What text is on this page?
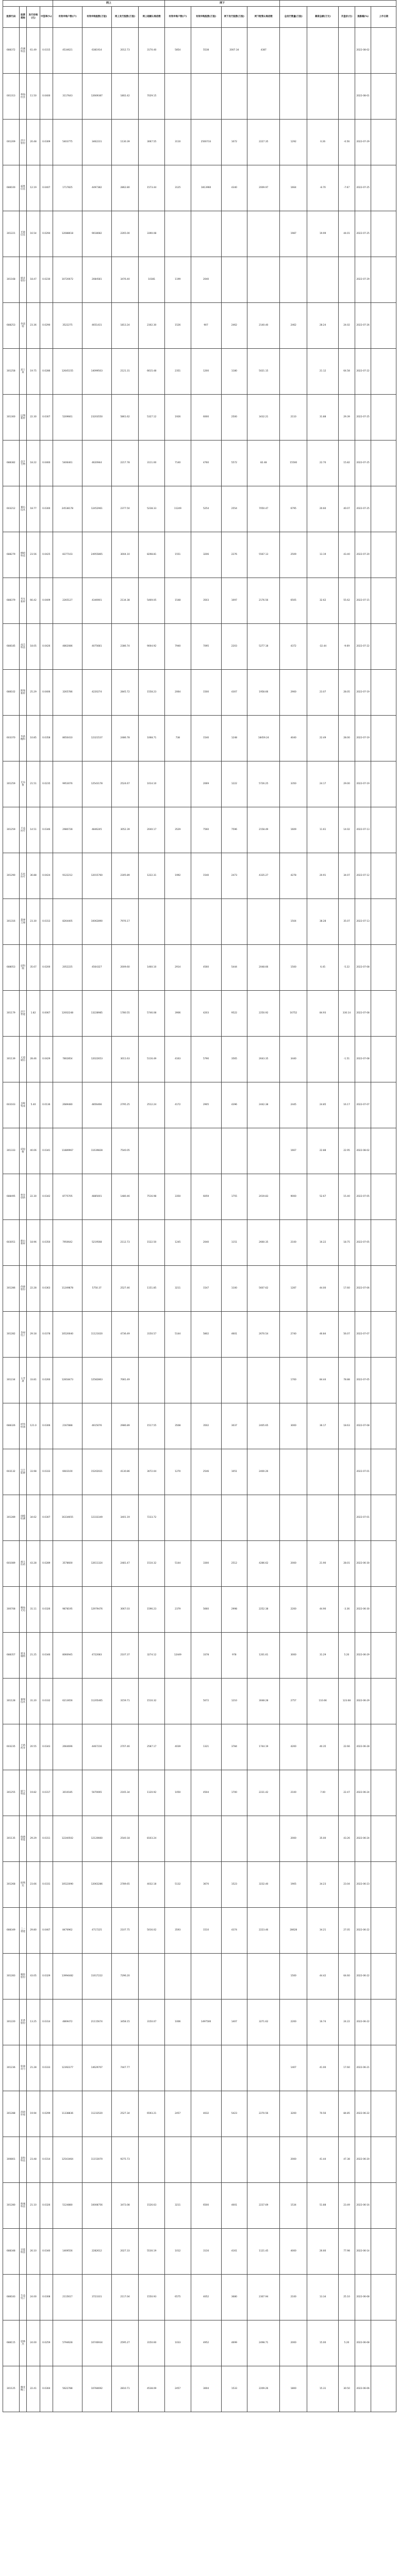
				网上				网下								
股票代码	股票简称	发行价格(元)	中签率(%)	有效申购户数(户)	有效申购股数(万股)	网上发行股数(万股)	网上超额认购倍数	有效申购户数(户)	有效申购股数(万股)	网下发行股数(万股)	网下配售认购倍数	总发行数量(万股)	募资总额(万元)	开盘价(元)	涨跌幅(%)	上市日期
688372	伟测科技	61.49	0.0315	4534621	6381914	2012.73	3170.40	5854	5538	2007.34	4387				2022-08-02	
001313	粤海饮食	11.50	0.0400	3117643	12669387	1802.42	7029.15								2022-08-01	
001209	洪兴股份	20.48	0.0309	5403775	3462231	1130.39	3067.55	3110	2500733	1072	2227.35	1292	0.26	-0.56	2022-07-29	
688100	威胜信息	12.19	0.0407	1717825	4497382	2862.80	1573.44	3125	1813960	4340	2009.97	1664	-8.70	-7.67	2022-07-25	
301221	光庭信息	16.54	0.0294	12088618	9018082	2265.00	3390.08					1987	19.99	44.01	2022-07-25	
301168	通灵股份	18.47	0.0230	10720072	2084581	3476.40	10381	1199	2040						2022-07-29	
688253	英诺特	23.36	0.0290	3522275	4651431	1813.24	2302.30	1526	907	2462	2140.40	2462	28.24	24.02	2022-07-26	
301258	富士莱	19.75	0.0286	12645155	14099503	2121.31	6615.48	2351	1200	1180	5021.15		21.12	64.58	2022-07-22	
301300	远翔新材	22.30	0.0307	5209661	23203550	5861.62	5327.12	1926	6000	2500	3432.21	2110	31.88	29.39	2022-07-25	
688382	益方生物	18.22	0.0460	5406461	4620944	2217.78	3111.00	7140	4760	5572	82.48	15500	22.70	15.82	2022-07-25	
603212	赛伍技术	18.77	0.0300	24538178	12452961	2377.50	5238.33	11249	5254	2554	7050.47	6795	20.60	40.07	2022-07-25	
688279	峰岹科技	23.56	0.0425	8377103	24955865	3004.10	8298.81	1551	3206	2276	5567.13	2509	13.19	43.40	2022-07-20	
688379	华光新材	66.42	0.0409	2265127	4346901	2134.38	5469.05	1548	3503	1097	2176.56	6505	32.62	55.62	2022-07-15	
688185	南芯科技	18.05	0.0426	4862086	4075681	2386.74	9004.92	7940	7095	2203	5277.18	4372	-32.44	-9.69	2022-07-22	
688102	斯瑞新材	25.29	0.0406	3265786	4220274	2845.72	1558.23	2064	1500	4307	1958.66	2900	23.07	28.05	2022-07-19	
603370	华新精科	10.85	0.0358	8650410	12321537	2486.78	1068.71	738	1540	1248	18459.24	4040	22.49	28.00	2022-07-19	
301259	艾布鲁	21.51	0.0235	9953076	12543178	2524.67	1014.10		2069	1222	5726.25	3350	24.17	29.00	2022-07-19	
301259	天益医疗	14.51	0.0346	2980728	4846245	3052.39	2040.17	3529	7560	7596	2158.49	1609	11.61	14.02	2022-07-13	
301290	东星医疗	36.88	0.0424	9122212	12015760	2305.89	1222.31	1992	1540	2473	4335.27	4278	20.91	34.07	2022-07-12	
301316	慧博云通	23.30	0.0313	8264405	10062890	7976.17						1504	38.28	35.07	2022-07-13	
688053	思科瑞	35.67	0.0200	2052225	4564327	2009.60	1460.10	2914	4560	5444	2048.66	1500	6.45	-5.22	2022-07-08	
301179	泽宇智能	1.82	0.0067	12002248	13228985	1780.55	5746.08	3906	4203	9522	2250.92	16752	84.93	330.14	2022-07-08	
301139	元道通信	28.46	0.0429	7802854	12022653	3011.63	5116.49	4163	5790	3565	2643.35	3440		-1.51	2022-07-08	
603163	圣晖集成	5.40	0.0136	2689480	4856466	2795.25	2512.24	4172	2905	4396	2442.38	2445	24.85	16.17	2022-07-07	
301333	诺思格	40.06	0.0341	11889967	11639828	7540.05						1667	22.88	22.95	2022-08-02	
688495	智洋创新	22.30	0.0342	8775705	4885001	1480.46	7516.98	3350	6059	1755	2019.83	9000	52.67	15.40	2022-07-05	
603051	鹿山新材	18.96	0.0350	7950642	5219568	2112.73	1522.50	1245	2040	1151	2660.35	2100	16.22	18.75	2022-07-05	
301286	侨源股份	22.28	0.0363	11249878	5750.37	2527.46	1151.85	3211	1547	1100	5607.62	1287	44.00	17.60	2022-07-06	
301282	金禄电子	29.18	0.0378	10520040	11121020	4736.49	3150.57	5144	5802	4601	2670.54	2740	46.84	56.07	2022-07-07	
301234	五芳斋	33.81	0.0260	12818473	12582863	7081.49						1700	84.44	78.88	2022-07-05	
688326	经纬恒润	121.0	0.0306	2167888	4615076	2986.89	1517.55	3508	3502	3037	2405.65	3000	36.17	18.63	2022-07-08	
603132	宝丰能源	33.98	0.0333	6603100	15202021	4130.86	3072.04	1270	2546	1051	2400.26				2022-07-01	
301289	国缆检测	34.62	0.0307	16334655	12333349	3401.19	7233.72								2022-07-01	
601089	福元医药	43.28	0.0289	3578600	12611324	2481.47	1510.32	5144	3300	2512	4286.62	2000	21.90	28.01	2022-06-30	
300708	聚灿光电	31.11	0.0326	9878195	12979476	3067.03	1596.23	2379	5660	2998	2252.38	2200	44.90	-3.36	2022-06-30	
688357	建龙微纳	21.25	0.0346	8060945	4722083	2107.37	3274.12	12449	3378	978	1201.61	3000	31.29	5.20	2022-06-29	
301128	强瑞技术	31.20	0.0332	6213656	11205465	3159.71	1510.32		5072	1210	3048.28	2757	110.66	123.68	2022-06-29	
603235	天新药业	20.55	0.0343	2664696	4467216	2707.46	2587.17	4039	1321	3784	1744.19	4200	40.35	22.66	2022-06-28	
301255	通力科技	19.82	0.0317	3010185	5070065	2165.34	1120.92	1050	4504	1700	2231.42	2100	7.00	22.47	2022-06-24	
301135	瑞德智能	29.29	0.0311	12240502	12120660	2540.18	8103.24					2000	35.00	43.26	2022-06-24	
301268	铭利达	23.66	0.0331	10522090	12063286	2789.65	4032.18	5132	3670	1523	3232.40	1905	34.23	23.04	2022-06-23	
688349	三一重能	29.80	0.0467	8470962	4717225	2107.75	5016.02	3593	1510	4374	2223.46	28628	34.21	27.05	2022-06-22	
301283	聚胶股份	43.05	0.0329	13994482	11617222	7296.20						1500	44.42	64.60	2022-06-22	
301220	亚香股份	13.25	0.0314	4869472	21115674	3458.15	3150.07	1006	1497500	1407	3271.62	2200	16.74	24.22	2022-06-22	
301236	软通动力	21.28	0.0333	12392377	14629707	7447.77						1407	41.00	17.60	2022-06-21	
301288	清研环境	19.94	0.0299	11338836	11233520	2527.34	6593.21	2457	4032	5423	2270.56	3200	70.56	84.85	2022-06-22	
300801	泰和科技	23.48	0.0314	12543464	11153070	9275.73						2000	41.44	47.38	2022-06-20	
301280	珠城科技	21.10	0.0326	5124880	10008756	3473.08	1526.63	3211	6500	4001	2237.69	1534	51.88	23.49	2022-06-16	
688348	昱能科技	26.10	0.0340	1469556	2282612	2027.33	5530.19	1012	3116	4161	1121.45	4000	26.66	77.98	2022-06-14	
688183	生益电子	24.00	0.0308	2115617	3723331	2117.04	1550.93	6575	4052	3680	2307.94	2100	13.34	25.10	2022-06-08	
688115	思林杰	24.00	0.0259	5794628	10746934	2595.27	3150.60	1033	4952	4699	2498.71	2000	15.00	5.20	2022-06-08	
301125	腾亚精工	22.41	0.0304	5622788	10784692	2810.71	4538.09	2457	3004	1533	2209.26	1800	15.31	30.50	2022-06-06	
